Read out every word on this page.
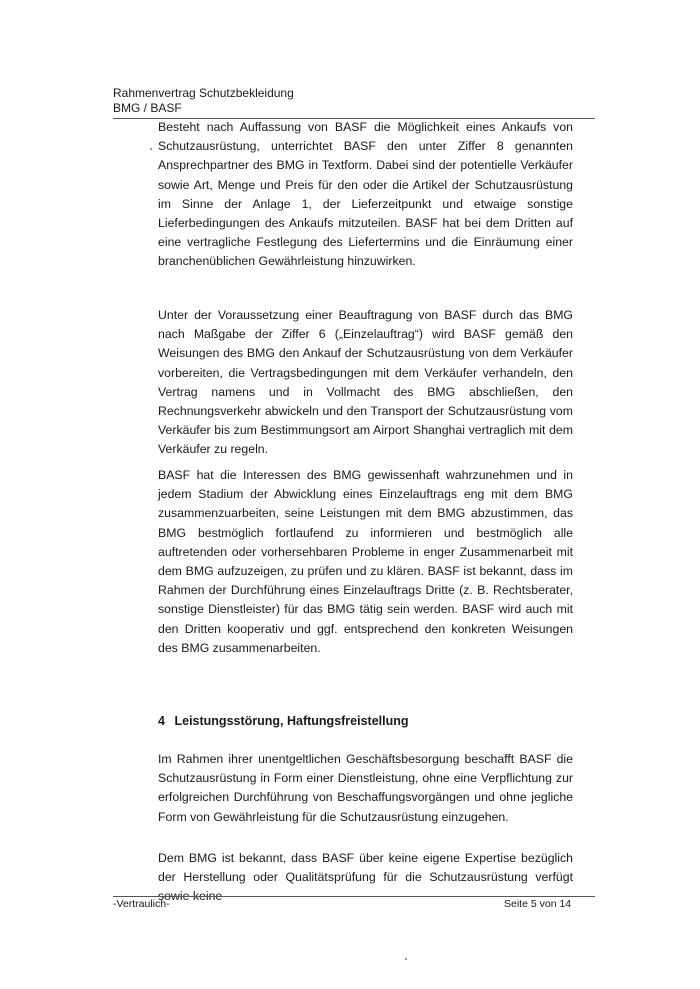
Rahmenvertrag Schutzbekleidung
BMG / BASF
Besteht nach Auffassung von BASF die Möglichkeit eines Ankaufs von Schutzausrüstung, unterrichtet BASF den unter Ziffer 8 genannten Ansprechpartner des BMG in Textform. Dabei sind der potentielle Verkäufer sowie Art, Menge und Preis für den oder die Artikel der Schutzausrüstung im Sinne der Anlage 1, der Lieferzeitpunkt und etwaige sonstige Lieferbedingungen des Ankaufs mitzuteilen. BASF hat bei dem Dritten auf eine vertragliche Festlegung des Liefertermins und die Einräumung einer branchenüblichen Gewährleistung hinzuwirken.
Unter der Voraussetzung einer Beauftragung von BASF durch das BMG nach Maßgabe der Ziffer 6 („Einzelauftrag“) wird BASF gemäß den Weisungen des BMG den Ankauf der Schutzausrüstung von dem Verkäufer vorbereiten, die Vertragsbedingungen mit dem Verkäufer verhandeln, den Vertrag namens und in Vollmacht des BMG abschließen, den Rechnungsverkehr abwickeln und den Transport der Schutzausrüstung vom Verkäufer bis zum Bestimmungsort am Airport Shanghai vertraglich mit dem Verkäufer zu regeln.
BASF hat die Interessen des BMG gewissenhaft wahrzunehmen und in jedem Stadium der Abwicklung eines Einzelauftrags eng mit dem BMG zusammenzuarbeiten, seine Leistungen mit dem BMG abzustimmen, das BMG bestmöglich fortlaufend zu informieren und bestmöglich alle auftretenden oder vorhersehbaren Probleme in enger Zusammenarbeit mit dem BMG aufzuzeigen, zu prüfen und zu klären. BASF ist bekannt, dass im Rahmen der Durchführung eines Einzelauftrags Dritte (z. B. Rechtsberater, sonstige Dienstleister) für das BMG tätig sein werden. BASF wird auch mit den Dritten kooperativ und ggf. entsprechend den konkreten Weisungen des BMG zusammenarbeiten.
4 Leistungsstörung, Haftungsfreistellung
Im Rahmen ihrer unentgeltlichen Geschäftsbesorgung beschafft BASF die Schutzausrüstung in Form einer Dienstleistung, ohne eine Verpflichtung zur erfolgreichen Durchführung von Beschaffungsvorgängen und ohne jegliche Form von Gewährleistung für die Schutzausrüstung einzugehen.
Dem BMG ist bekannt, dass BASF über keine eigene Expertise bezüglich der Herstellung oder Qualitätsprüfung für die Schutzausrüstung verfügt sowie keine
-Vertraulich-	Seite 5 von 14
